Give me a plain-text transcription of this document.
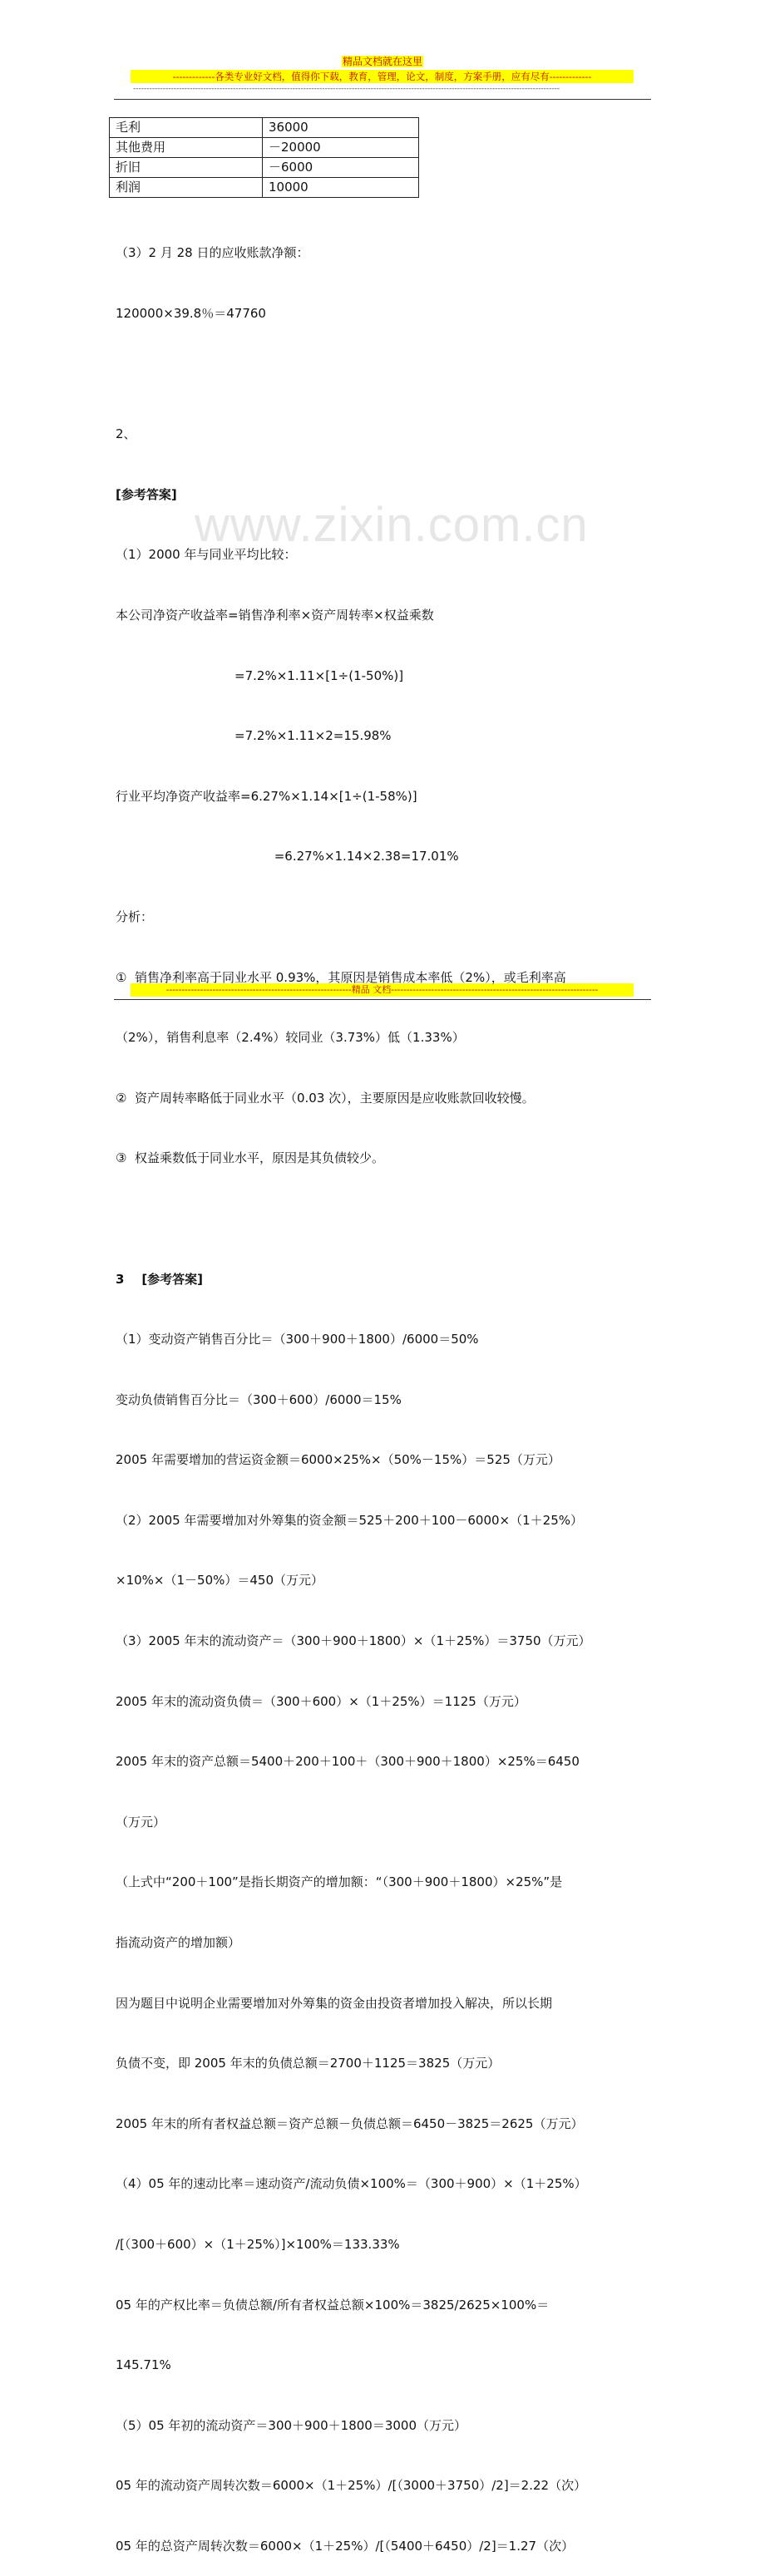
精品文档就在这里
-------------各类专业好文档，值得你下载，教育，管理，论文，制度，方案手册，应有尽有-------------
--------------------------------------------------------------------------------------------------------------------------------------------------------------
www.zixin.com.cn
毛利	36000
其他费用	－20000
折旧	－6000
利润	10000

（3）2 月 28 日的应收账款净额：

120000×39.8％＝47760

2、

[参考答案]

（1）2000 年与同业平均比较：

本公司净资产收益率=销售净利率×资产周转率×权益乘数

=7.2%×1.11×[1÷(1-50%)]

=7.2%×1.11×2=15.98%

行业平均净资产收益率=6.27%×1.14×[1÷(1-58%)]

=6.27%×1.14×2.38=17.01%

分析：

①  销售净利率高于同业水平 0.93%，其原因是销售成本率低（2%），或毛利率高

（2%），销售利息率（2.4%）较同业（3.73%）低（1.33%）

②  资产周转率略低于同业水平（0.03 次），主要原因是应收账款回收较慢。

③  权益乘数低于同业水平，原因是其负债较少。

3    [参考答案]

（1）变动资产销售百分比＝（300＋900＋1800）/6000＝50%

变动负债销售百分比＝（300＋600）/6000＝15%

2005 年需要增加的营运资金额＝6000×25%×（50%－15%）＝525（万元）

（2）2005 年需要增加对外筹集的资金额＝525＋200＋100－6000×（1＋25%）

×10%×（1－50%）＝450（万元）

（3）2005 年末的流动资产＝（300＋900＋1800）×（1＋25%）＝3750（万元）

2005 年末的流动资负债＝（300＋600）×（1＋25%）＝1125（万元）

2005 年末的资产总额＝5400＋200＋100＋（300＋900＋1800）×25%＝6450

（万元）

（上式中“200＋100”是指长期资产的增加额：“（300＋900＋1800）×25%”是

指流动资产的增加额）

因为题目中说明企业需要增加对外筹集的资金由投资者增加投入解决，所以长期

负债不变，即 2005 年末的负债总额＝2700＋1125＝3825（万元）

2005 年末的所有者权益总额＝资产总额－负债总额＝6450－3825＝2625（万元）

（4）05 年的速动比率＝速动资产/流动负债×100%＝（300＋900）×（1＋25%）

/[（300＋600）×（1＋25%）]×100%＝133.33%

05 年的产权比率＝负债总额/所有者权益总额×100%＝3825/2625×100%＝

145.71%

（5）05 年初的流动资产＝300＋900＋1800＝3000（万元）

05 年的流动资产周转次数＝6000×（1＋25%）/[（3000＋3750）/2]＝2.22（次）

05 年的总资产周转次数＝6000×（1＋25%）/[（5400＋6450）/2]＝1.27（次）

------------------------------------------------------------精品 文档-------------------------------------------------------------------
